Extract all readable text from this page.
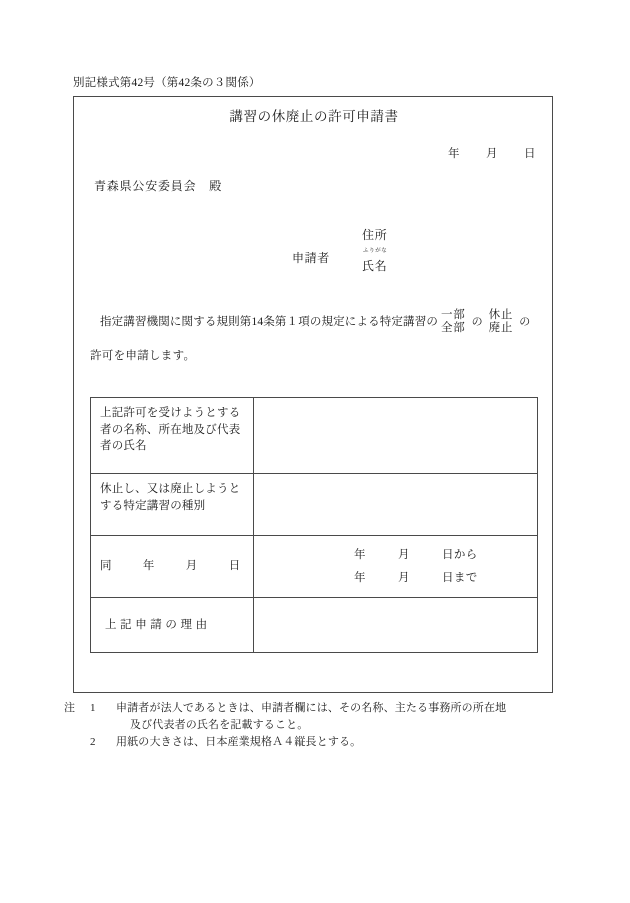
別記様式第42号（第42条の３関係）
講習の休廃止の許可申請書
年 月 日
青森県公安委員会　殿
申請者
住所
ふりがな
氏名
指定講習機関に関する規則第14条第１項の規定による特定講習の
一部
全部
の
休止
廃止
の
許可を申請します。
上記許可を受けようとする者の名称、所在地及び代表者の氏名	
休止し、又は廃止しようとする特定講習の種別	
同　　年　　月　　日	年 月 日から
年 月 日まで

上記申請の理由	
注	1	申請者が法人であるときは、申請者欄には、その名称、主たる事務所の所在地
及び代表者の氏名を記載すること。
2	用紙の大きさは、日本産業規格Ａ４縦長とする。
